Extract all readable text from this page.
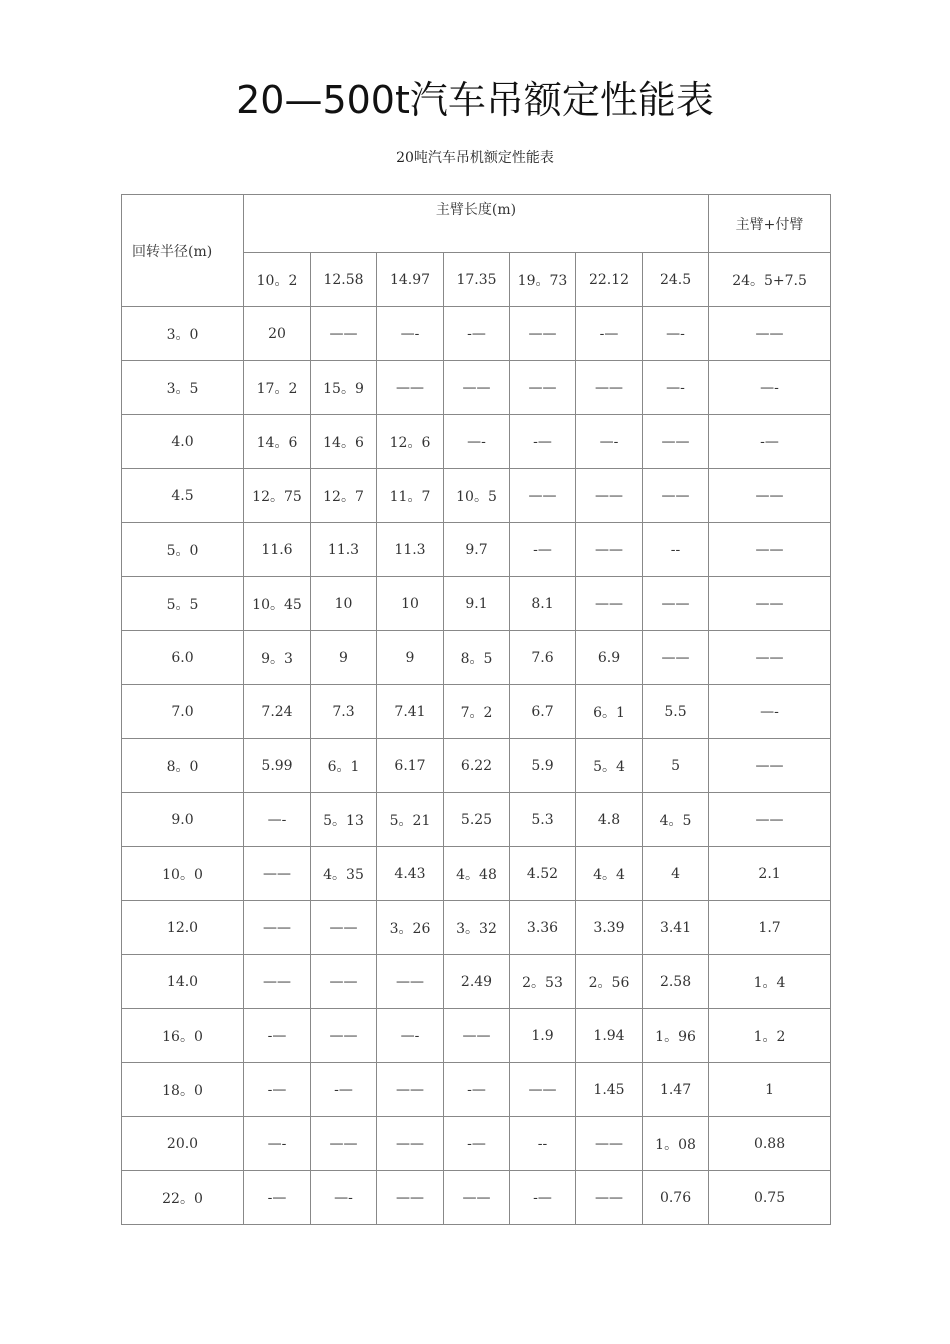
20—500t汽车吊额定性能表
20吨汽车吊机额定性能表
回转半径(m)	主臂长度(m)							主臂+付臂
	10。2	12.58	14.97	17.35	19。73	22.12	24.5	24。5+7.5
3。0	20	——	—-	-—	——	-—	—-	——
3。5	17。2	15。9	——	——	——	——	—-	—-
4.0	14。6	14。6	12。6	—-	-—	—-	——	-—
4.5	12。75	12。7	11。7	10。5	——	——	——	——
5。0	11.6	11.3	11.3	9.7	-—	——	--	——
5。5	10。45	10	10	9.1	8.1	——	——	——
6.0	9。3	9	9	8。5	7.6	6.9	——	——
7.0	7.24	7.3	7.41	7。2	6.7	6。1	5.5	—-
8。0	5.99	6。1	6.17	6.22	5.9	5。4	5	——
9.0	—-	5。13	5。21	5.25	5.3	4.8	4。5	——
10。0	——	4。35	4.43	4。48	4.52	4。4	4	2.1
12.0	——	——	3。26	3。32	3.36	3.39	3.41	1.7
14.0	——	——	——	2.49	2。53	2。56	2.58	1。4
16。0	-—	——	—-	——	1.9	1.94	1。96	1。2
18。0	-—	-—	——	-—	——	1.45	1.47	1
20.0	—-	——	——	-—	--	——	1。08	0.88
22。0	-—	—-	——	——	-—	——	0.76	0.75
